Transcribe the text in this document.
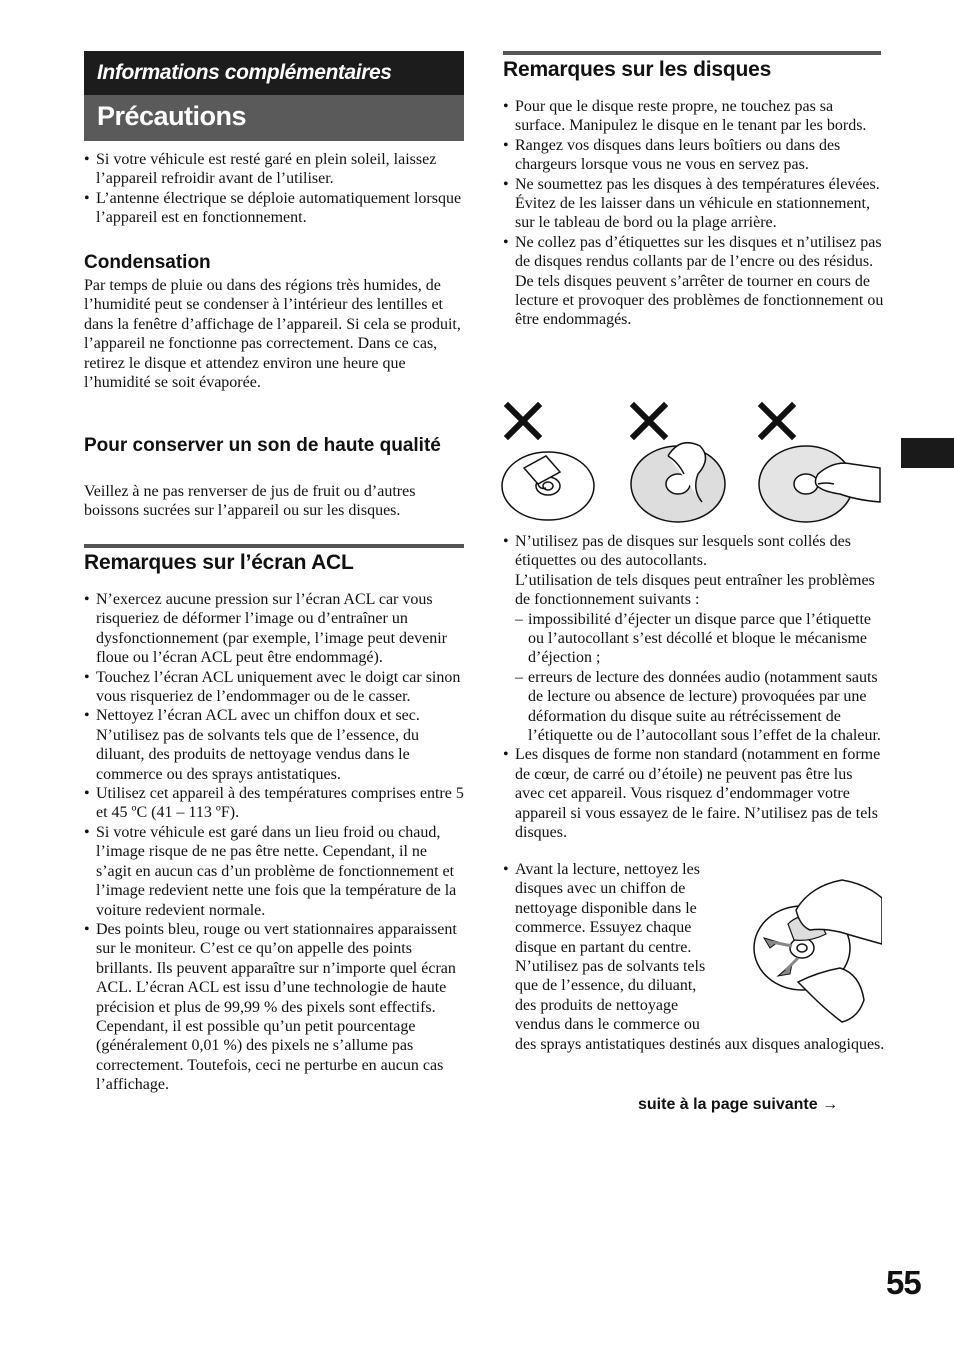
Informations complémentaires
Précautions
• Si votre véhicule est resté garé en plein soleil, laissez l’appareil refroidir avant de l’utiliser.
• L’antenne électrique se déploie automatiquement lorsque l’appareil est en fonctionnement.
Condensation
Par temps de pluie ou dans des régions très humides, de l’humidité peut se condenser à l’intérieur des lentilles et dans la fenêtre d’affichage de l’appareil. Si cela se produit, l’appareil ne fonctionne pas correctement. Dans ce cas, retirez le disque et attendez environ une heure que l’humidité se soit évaporée.
Pour conserver un son de haute qualité
Veillez à ne pas renverser de jus de fruit ou d’autres boissons sucrées sur l’appareil ou sur les disques.
Remarques sur l’écran ACL
• N’exercez aucune pression sur l’écran ACL car vous risqueriez de déformer l’image ou d’entraîner un dysfonctionnement (par exemple, l’image peut devenir floue ou l’écran ACL peut être endommagé).
• Touchez l’écran ACL uniquement avec le doigt car sinon vous risqueriez de l’endommager ou de le casser.
• Nettoyez l’écran ACL avec un chiffon doux et sec. N’utilisez pas de solvants tels que de l’essence, du diluant, des produits de nettoyage vendus dans le commerce ou des sprays antistatiques.
• Utilisez cet appareil à des températures comprises entre 5 et 45 ºC (41 – 113 ºF).
• Si votre véhicule est garé dans un lieu froid ou chaud, l’image risque de ne pas être nette. Cependant, il ne s’agit en aucun cas d’un problème de fonctionnement et l’image redevient nette une fois que la température de la voiture redevient normale.
• Des points bleu, rouge ou vert stationnaires apparaissent sur le moniteur. C’est ce qu’on appelle des points brillants. Ils peuvent apparaître sur n’importe quel écran ACL. L’écran ACL est issu d’une technologie de haute précision et plus de 99,99 % des pixels sont effectifs. Cependant, il est possible qu’un petit pourcentage (généralement 0,01 %) des pixels ne s’allume pas correctement. Toutefois, ceci ne perturbe en aucun cas l’affichage.
Remarques sur les disques
• Pour que le disque reste propre, ne touchez pas sa surface. Manipulez le disque en le tenant par les bords.
• Rangez vos disques dans leurs boîtiers ou dans des chargeurs lorsque vous ne vous en servez pas.
• Ne soumettez pas les disques à des températures élevées. Évitez de les laisser dans un véhicule en stationnement, sur le tableau de bord ou la plage arrière.
• Ne collez pas d’étiquettes sur les disques et n’utilisez pas de disques rendus collants par de l’encre ou des résidus. De tels disques peuvent s’arrêter de tourner en cours de lecture et provoquer des problèmes de fonctionnement ou être endommagés.
• N’utilisez pas de disques sur lesquels sont collés des étiquettes ou des autocollants.
L’utilisation de tels disques peut entraîner les problèmes de fonctionnement suivants :
– impossibilité d’éjecter un disque parce que l’étiquette ou l’autocollant s’est décollé et bloque le mécanisme d’éjection ;
– erreurs de lecture des données audio (notamment sauts de lecture ou absence de lecture) provoquées par une déformation du disque suite au rétrécissement de l’étiquette ou de l’autocollant sous l’effet de la chaleur.
• Les disques de forme non standard (notamment en forme de cœur, de carré ou d’étoile) ne peuvent pas être lus avec cet appareil. Vous risquez d’endommager votre appareil si vous essayez de le faire. N’utilisez pas de tels disques.
• Avant la lecture, nettoyez les
disques avec un chiffon de
nettoyage disponible dans le
commerce. Essuyez chaque
disque en partant du centre.
N’utilisez pas de solvants tels
que de l’essence, du diluant,
des produits de nettoyage
vendus dans le commerce ou
des sprays antistatiques destinés aux disques analogiques.
suite à la page suivante →
55
